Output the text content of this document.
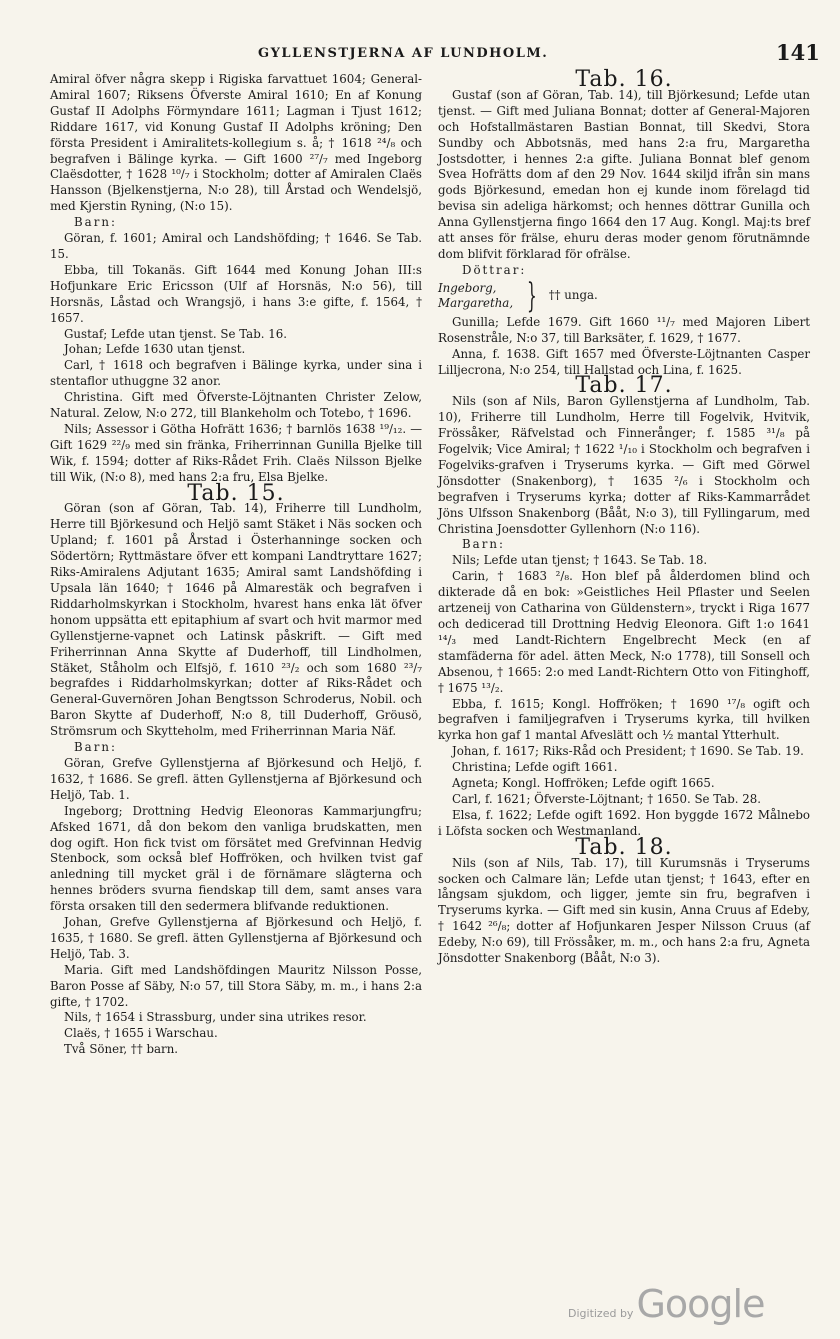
GYLLENSTJERNA AF LUNDHOLM.	141

Amiral öfver några skepp i Rigiska farvattuet 1604; General-Amiral 1607; Riksens Öfverste Amiral 1610; En af Konung Gustaf II Adolphs Förmyndare 1611; Lagman i Tjust 1612; Riddare 1617, vid Konung Gustaf II Adolphs kröning; Den första President i Amiralitets-kollegium s. å; † 1618 ²⁴/₈ och begrafven i Bälinge kyrka. — Gift 1600 ²⁷/₇ med Ingeborg Claësdotter, † 1628 ¹⁰/₇ i Stockholm; dotter af Amiralen Claës Hansson (Bjelkenstjerna, N:o 28), till Årstad och Wendelsjö, med Kjerstin Ryning, (N:o 15).

Barn:

Göran, f. 1601; Amiral och Landshöfding; † 1646. Se Tab. 15.

Ebba, till Tokanäs. Gift 1644 med Konung Johan III:s Hofjunkare Eric Ericsson (Ulf af Horsnäs, N:o 56), till Horsnäs, Låstad och Wrangsjö, i hans 3:e gifte, f. 1564, † 1657.

Gustaf; Lefde utan tjenst. Se Tab. 16.

Johan; Lefde 1630 utan tjenst.

Carl, † 1618 och begrafven i Bälinge kyrka, under sina i stentaflor uthuggne 32 anor.

Christina. Gift med Öfverste-Löjtnanten Christer Zelow, Natural. Zelow, N:o 272, till Blankeholm och Totebo, † 1696.

Nils; Assessor i Götha Hofrätt 1636; † barnlös 1638 ¹⁹/₁₂. — Gift 1629 ²²/₉ med sin fränka, Friherrinnan Gunilla Bjelke till Wik, f. 1594; dotter af Riks-Rådet Frih. Claës Nilsson Bjelke till Wik, (N:o 8), med hans 2:a fru, Elsa Bjelke.

Tab. 15.

Göran (son af Göran, Tab. 14), Friherre till Lundholm, Herre till Björkesund och Heljö samt Stäket i Näs socken och Upland; f. 1601 på Årstad i Österhanninge socken och Södertörn; Ryttmästare öfver ett kompani Landtryttare 1627; Riks-Amiralens Adjutant 1635; Amiral samt Landshöfding i Upsala län 1640; † 1646 på Almarestäk och begrafven i Riddarholmskyrkan i Stockholm, hvarest hans enka lät öfver honom uppsätta ett epitaphium af svart och hvit marmor med Gyllenstjerne-vapnet och Latinsk påskrift. — Gift med Friherrinnan Anna Skytte af Duderhoff, till Lindholmen, Stäket, Ståholm och Elfsjö, f. 1610 ²³/₂ och som 1680 ²³/₇ begrafdes i Riddarholmskyrkan; dotter af Riks-Rådet och General-Guvernören Johan Bengtsson Schroderus, Nobil. och Baron Skytte af Duderhoff, N:o 8, till Duderhoff, Gröusö, Strömsrum och Skytteholm, med Friherrinnan Maria Näf.

Barn:

Göran, Grefve Gyllenstjerna af Björkesund och Heljö, f. 1632, † 1686. Se grefl. ätten Gyllenstjerna af Björkesund och Heljö, Tab. 1.

Ingeborg; Drottning Hedvig Eleonoras Kammarjungfru; Afsked 1671, då don bekom den vanliga brudskatten, men dog ogift. Hon fick tvist om försätet med Grefvinnan Hedvig Stenbock, som också blef Hoffröken, och hvilken tvist gaf anledning till mycket gräl i de förnämare slägterna och hennes bröders svurna fiendskap till dem, samt anses vara första orsaken till den sedermera blifvande reduktionen.

Johan, Grefve Gyllenstjerna af Björkesund och Heljö, f. 1635, † 1680. Se grefl. ätten Gyllenstjerna af Björkesund och Heljö, Tab. 3.

Maria. Gift med Landshöfdingen Mauritz Nilsson Posse, Baron Posse af Säby, N:o 57, till Stora Säby, m. m., i hans 2:a gifte, † 1702.

Nils, † 1654 i Strassburg, under sina utrikes resor.

Claës, † 1655 i Warschau.

Två Söner, †† barn.

Tab. 16.

Gustaf (son af Göran, Tab. 14), till Björkesund; Lefde utan tjenst. — Gift med Juliana Bonnat; dotter af General-Majoren och Hofstallmästaren Bastian Bonnat, till Skedvi, Stora Sundby och Abbotsnäs, med hans 2:a fru, Margaretha Jostsdotter, i hennes 2:a gifte. Juliana Bonnat blef genom Svea Hofrätts dom af den 29 Nov. 1644 skiljd ifrån sin mans gods Björkesund, emedan hon ej kunde inom förelagd tid bevisa sin adeliga härkomst; och hennes döttrar Gunilla och Anna Gyllenstjerna fingo 1664 den 17 Aug. Kongl. Maj:ts bref att anses för frälse, ehuru deras moder genom förutnämnde dom blifvit förklarad för ofrälse.

Döttrar:

Ingeborg,
Margaretha, } †† unga.

Gunilla; Lefde 1679. Gift 1660 ¹¹/₇ med Majoren Libert Rosenstråle, N:o 37, till Barksäter, f. 1629, † 1677.

Anna, f. 1638. Gift 1657 med Öfverste-Löjtnanten Casper Lilljecrona, N:o 254, till Hallstad och Lina, f. 1625.

Tab. 17.

Nils (son af Nils, Baron Gyllenstjerna af Lundholm, Tab. 10), Friherre till Lundholm, Herre till Fogelvik, Hvitvik, Frössåker, Räfvelstad och Finnerånger; f. 1585 ³¹/₈ på Fogelvik; Vice Amiral; † 1622 ¹/₁₀ i Stockholm och begrafven i Fogelviks-grafven i Tryserums kyrka. — Gift med Görwel Jönsdotter (Snakenborg), † 1635 ²/₆ i Stockholm och begrafven i Tryserums kyrka; dotter af Riks-Kammarrådet Jöns Ulfsson Snakenborg (Bååt, N:o 3), till Fyllingarum, med Christina Joensdotter Gyllenhorn (N:o 116).

Barn:

Nils; Lefde utan tjenst; † 1643. Se Tab. 18.

Carin, † 1683 ²/₈. Hon blef på ålderdomen blind och dikterade då en bok: »Geistliches Heil Pflaster und Seelen artzeneij von Catharina von Güldenstern», tryckt i Riga 1677 och dedicerad till Drottning Hedvig Eleonora. Gift 1:o 1641 ¹⁴/₃ med Landt-Richtern Engelbrecht Meck (en af stamfäderna för adel. ätten Meck, N:o 1778), till Sonsell och Absenou, † 1665: 2:o med Landt-Richtern Otto von Fitinghoff, † 1675 ¹³/₂.

Ebba, f. 1615; Kongl. Hoffröken; † 1690 ¹⁷/₈ ogift och begrafven i familjegrafven i Tryserums kyrka, till hvilken kyrka hon gaf 1 mantal Afveslätt och ½ mantal Ytterhult.

Johan, f. 1617; Riks-Råd och President; † 1690. Se Tab. 19.

Christina; Lefde ogift 1661.

Agneta; Kongl. Hoffröken; Lefde ogift 1665.

Carl, f. 1621; Öfverste-Löjtnant; † 1650. Se Tab. 28.

Elsa, f. 1622; Lefde ogift 1692. Hon byggde 1672 Målnebo i Löfsta socken och Westmanland.

Tab. 18.

Nils (son af Nils, Tab. 17), till Kurumsnäs i Tryserums socken och Calmare län; Lefde utan tjenst; † 1643, efter en långsam sjukdom, och ligger, jemte sin fru, begrafven i Tryserums kyrka. — Gift med sin kusin, Anna Cruus af Edeby, † 1642 ²⁶/₈; dotter af Hofjunkaren Jesper Nilsson Cruus (af Edeby, N:o 69), till Frössåker, m. m., och hans 2:a fru, Agneta Jönsdotter Snakenborg (Bååt, N:o 3).

Digitized by Google
